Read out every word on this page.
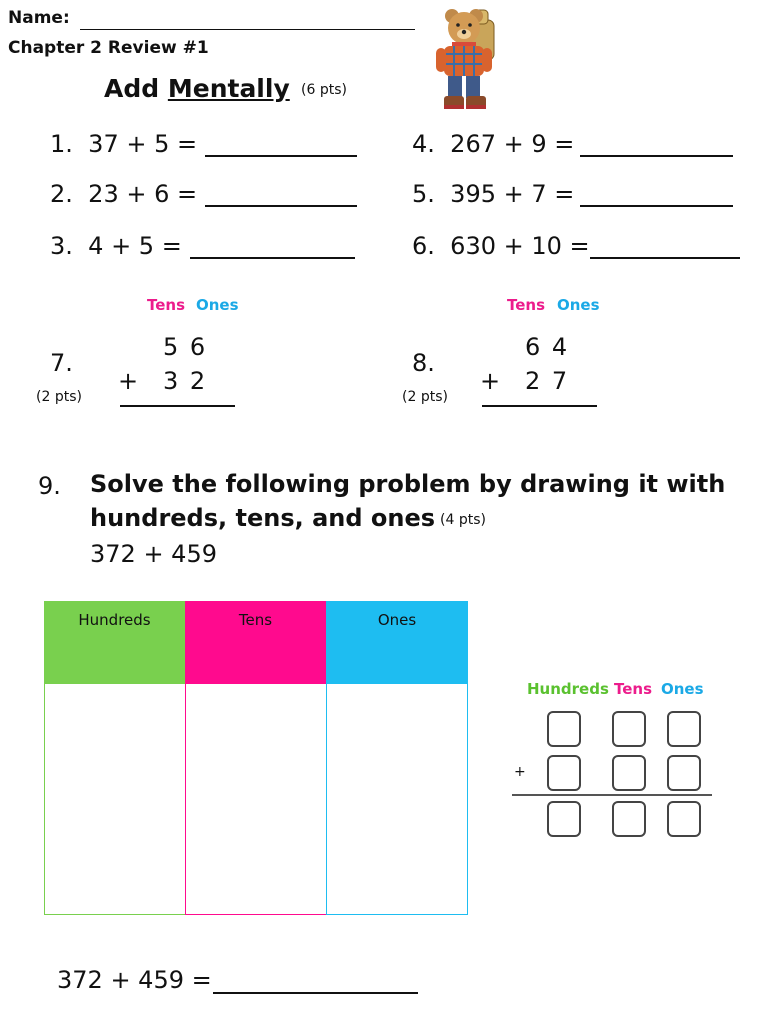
Name:
Chapter 2 Review #1
Add Mentally (6 pts)
1. 37 + 5 =
2. 23 + 6 =
3. 4 + 5 =
4. 267 + 9 =
5. 395 + 7 =
6. 630 + 10 =
Tens Ones
7.
(2 pts)
5 6
+ 3 2
Tens Ones
8.
(2 pts)
6 4
+ 2 7
9. Solve the following problem by drawing it with
hundreds, tens, and ones (4 pts)
372 + 459
Hundreds	Tens	Ones
Hundreds Tens Ones
+
372 + 459 =
